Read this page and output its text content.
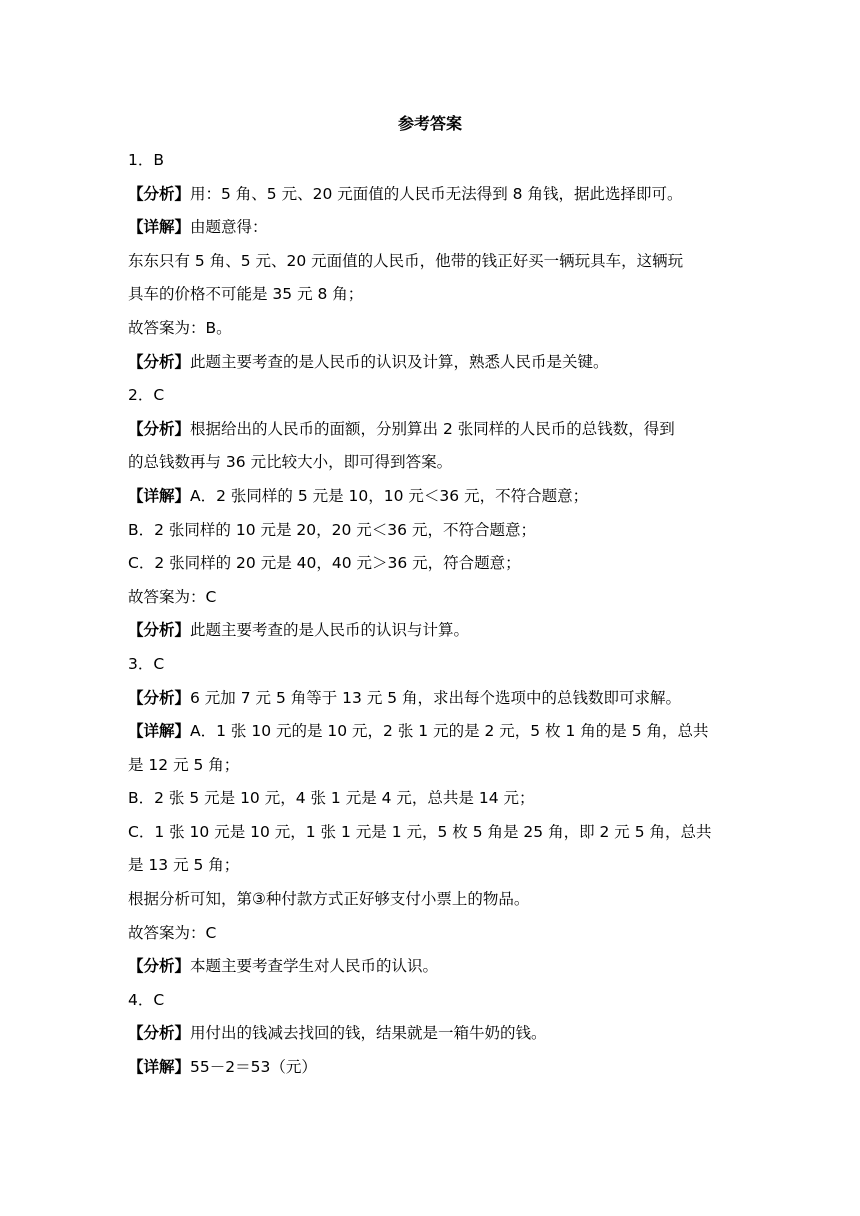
参考答案
1．B
【分析】用：5 角、5 元、20 元面值的人民币无法得到 8 角钱，据此选择即可。
【详解】由题意得：
东东只有 5 角、5 元、20 元面值的人民币，他带的钱正好买一辆玩具车，这辆玩
具车的价格不可能是 35 元 8 角；
故答案为：B。
【分析】此题主要考查的是人民币的认识及计算，熟悉人民币是关键。
2．C
【分析】根据给出的人民币的面额，分别算出 2 张同样的人民币的总钱数，得到
的总钱数再与 36 元比较大小，即可得到答案。
【详解】A．2 张同样的 5 元是 10，10 元＜36 元，不符合题意；
B．2 张同样的 10 元是 20，20 元＜36 元，不符合题意；
C．2 张同样的 20 元是 40，40 元＞36 元，符合题意；
故答案为：C
【分析】此题主要考查的是人民币的认识与计算。
3．C
【分析】6 元加 7 元 5 角等于 13 元 5 角，求出每个选项中的总钱数即可求解。
【详解】A．1 张 10 元的是 10 元，2 张 1 元的是 2 元，5 枚 1 角的是 5 角，总共
是 12 元 5 角；
B．2 张 5 元是 10 元，4 张 1 元是 4 元，总共是 14 元；
C．1 张 10 元是 10 元，1 张 1 元是 1 元，5 枚 5 角是 25 角，即 2 元 5 角，总共
是 13 元 5 角；
根据分析可知，第③种付款方式正好够支付小票上的物品。
故答案为：C
【分析】本题主要考查学生对人民币的认识。
4．C
【分析】用付出的钱减去找回的钱，结果就是一箱牛奶的钱。
【详解】55－2＝53（元）
